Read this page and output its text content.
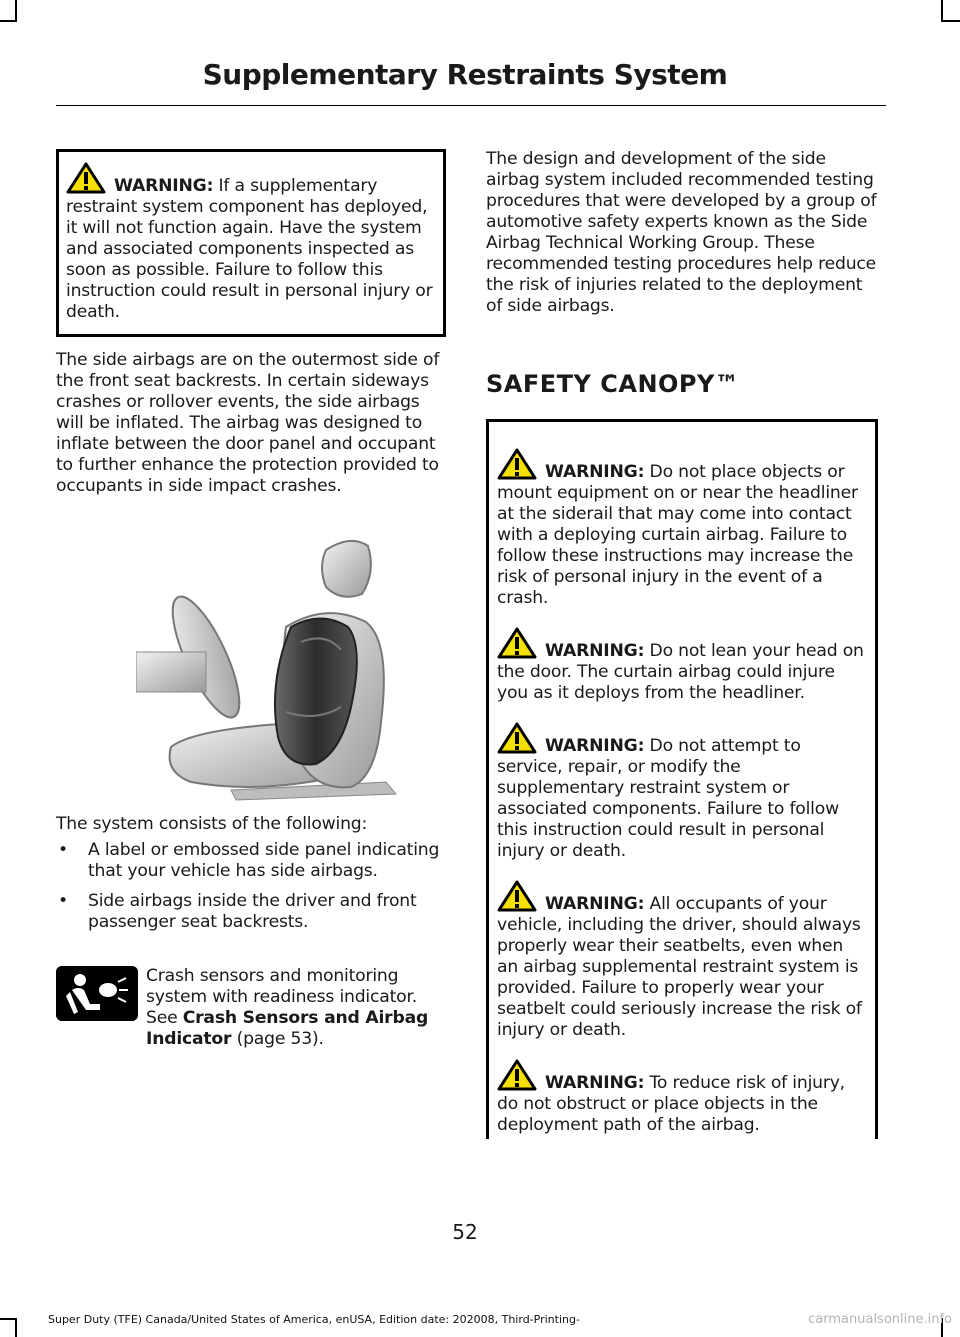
Supplementary Restraints System

WARNING: If a supplementary restraint system component has deployed, it will not function again. Have the system and associated components inspected as soon as possible. Failure to follow this instruction could result in personal injury or death.

The side airbags are on the outermost side of the front seat backrests. In certain sideways crashes or rollover events, the side airbags will be inflated. The airbag was designed to inflate between the door panel and occupant to further enhance the protection provided to occupants in side impact crashes.

The system consists of the following:

• A label or embossed side panel indicating that your vehicle has side airbags.
• Side airbags inside the driver and front passenger seat backrests.
Crash sensors and monitoring system with readiness indicator. See Crash Sensors and Airbag Indicator (page 53).

The design and development of the side airbag system included recommended testing procedures that were developed by a group of automotive safety experts known as the Side Airbag Technical Working Group. These recommended testing procedures help reduce the risk of injuries related to the deployment of side airbags.

SAFETY CANOPY™

WARNING: Do not place objects or mount equipment on or near the headliner at the siderail that may come into contact with a deploying curtain airbag. Failure to follow these instructions may increase the risk of personal injury in the event of a crash.

WARNING: Do not lean your head on the door. The curtain airbag could injure you as it deploys from the headliner.

WARNING: Do not attempt to service, repair, or modify the supplementary restraint system or associated components. Failure to follow this instruction could result in personal injury or death.

WARNING: All occupants of your vehicle, including the driver, should always properly wear their seatbelts, even when an airbag supplemental restraint system is provided. Failure to properly wear your seatbelt could seriously increase the risk of injury or death.

WARNING: To reduce risk of injury, do not obstruct or place objects in the deployment path of the airbag.

52
Super Duty (TFE) Canada/United States of America, enUSA, Edition date: 202008, Third-Printing-	carmanualsonline.info
